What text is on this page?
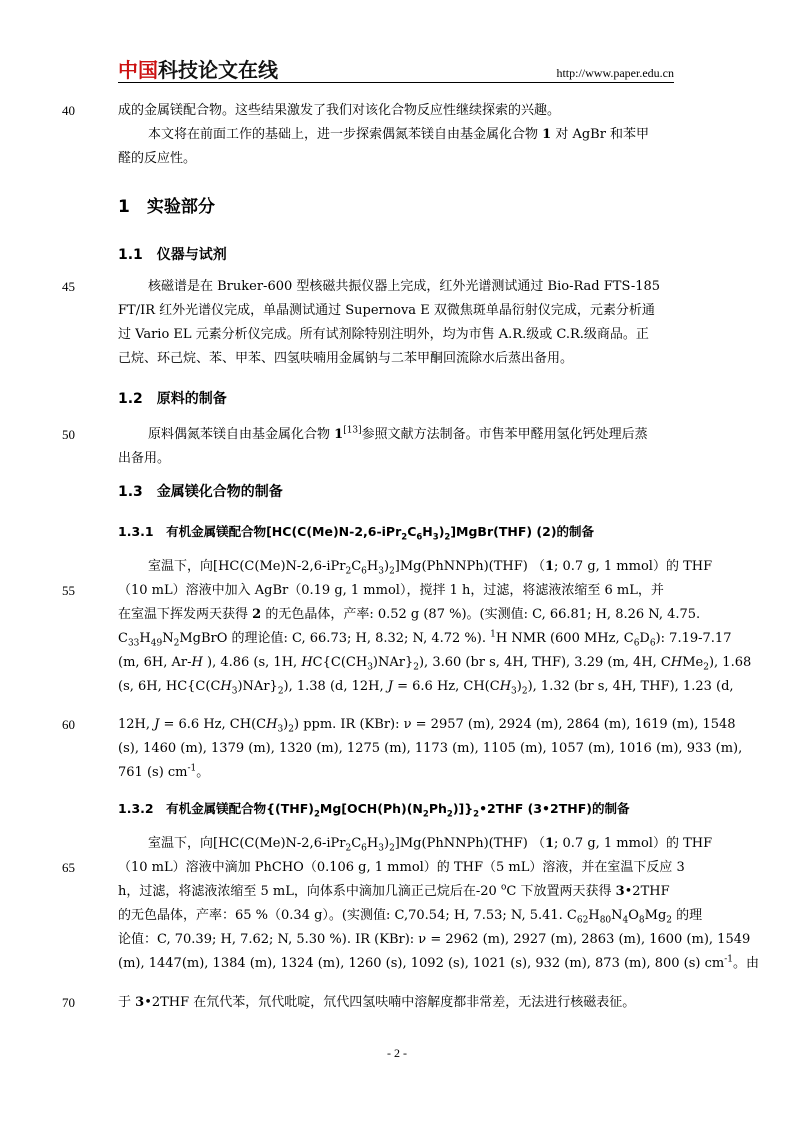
中国科技论文在线	http://www.paper.edu.cn
40
45
50
55
60
65
70
成的金属镁配合物。这些结果激发了我们对该化合物反应性继续探索的兴趣。
本文将在前面工作的基础上，进一步探索偶氮苯镁自由基金属化合物 1 对 AgBr 和苯甲
醛的反应性。
1　实验部分
1.1　仪器与试剂
核磁谱是在 Bruker-600 型核磁共振仪器上完成，红外光谱测试通过 Bio-Rad FTS-185
FT/IR 红外光谱仪完成，单晶测试通过 Supernova E 双微焦斑单晶衍射仪完成，元素分析通
过 Vario EL 元素分析仪完成。所有试剂除特别注明外，均为市售 A.R.级或 C.R.级商品。正
己烷、环己烷、苯、甲苯、四氢呋喃用金属钠与二苯甲酮回流除水后蒸出备用。
1.2　原料的制备
原料偶氮苯镁自由基金属化合物 1[13]参照文献方法制备。市售苯甲醛用氢化钙处理后蒸
出备用。
1.3　金属镁化合物的制备
1.3.1　有机金属镁配合物$[HC(C(Me)N-2,6-iPr_2C_6H_3)_2]MgBr(THF)$ (2)的制备
室温下，向$[HC(C(Me)N-2,6-iPr_2C_6H_3)_2]Mg(PhNNPh)(THF)$ （1; 0.7 g, 1 mmol）的 THF
（10 mL）溶液中加入 AgBr（0.19 g, 1 mmol），搅拌 1 h，过滤，将滤液浓缩至 6 mL，并
在室温下挥发两天获得 2 的无色晶体，产率: 0.52 g (87 %)。(实测值: C, 66.81; H, 8.26 N, 4.75.
$C_{33}H_{49}N_2MgBrO$ 的理论值: C, 66.73; H, 8.32; N, 4.72 %). $^1$H NMR (600 MHz, $C_6D_6$): 7.19-7.17
(m, 6H, Ar-H ), 4.86 (s, 1H, $HC\{C(CH_3)NAr\}_2$), 3.60 (br s, 4H, THF), 3.29 (m, 4H, CHMe$_2$), 1.68
(s, 6H, $HC\{C(CH_3)NAr\}_2$), 1.38 (d, 12H, J = 6.6 Hz, $CH(CH_3)_2$), 1.32 (br s, 4H, THF), 1.23 (d,
12H, J = 6.6 Hz, $CH(CH_3)_2$) ppm. IR (KBr): ν = 2957 (m), 2924 (m), 2864 (m), 1619 (m), 1548
(s), 1460 (m), 1379 (m), 1320 (m), 1275 (m), 1173 (m), 1105 (m), 1057 (m), 1016 (m), 933 (m),
761 (s) $cm^{-1}$。
1.3.2　有机金属镁配合物$\{(THF)_2Mg[OCH(Ph)(N_2Ph_2)]\}_2•2THF$ (3•2THF)的制备
室温下，向$[HC(C(Me)N-2,6-iPr_2C_6H_3)_2]Mg(PhNNPh)(THF)$ （1; 0.7 g, 1 mmol）的 THF
（10 mL）溶液中滴加 PhCHO（0.106 g, 1 mmol）的 THF（5 mL）溶液，并在室温下反应 3
h，过滤，将滤液浓缩至 5 mL，向体系中滴加几滴正己烷后在-20 $^o$C 下放置两天获得 3•2THF
的无色晶体，产率：65 %（0.34 g）。(实测值: C,70.54; H, 7.53; N, 5.41. $C_{62}H_{80}N_4O_8Mg_2$ 的理
论值：C, 70.39; H, 7.62; N, 5.30 %). IR (KBr): ν = 2962 (m), 2927 (m), 2863 (m), 1600 (m), 1549
(m), 1447(m), 1384 (m), 1324 (m), 1260 (s), 1092 (s), 1021 (s), 932 (m), 873 (m), 800 (s) $cm^{-1}$。由
于 3•2THF 在氘代苯，氘代吡啶，氘代四氢呋喃中溶解度都非常差，无法进行核磁表征。
- 2 -
